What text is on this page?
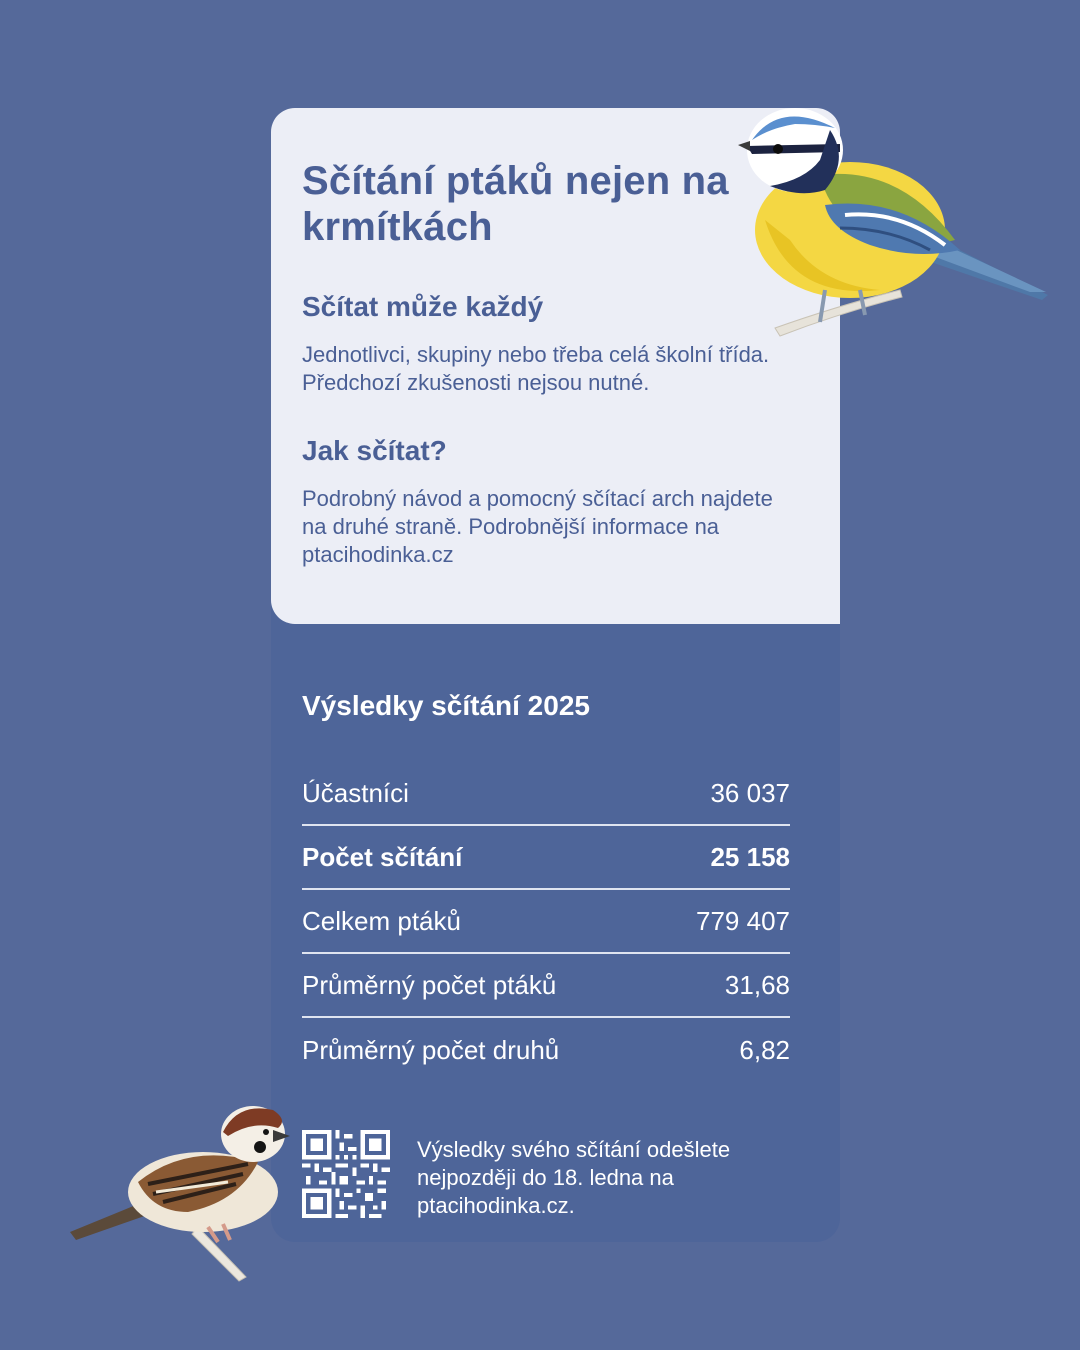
Sčítání ptáků nejen na krmítkách
Sčítat může každý

Jednotlivci, skupiny nebo třeba celá školní třída. Předchozí zkušenosti nejsou nutné.

Jak sčítat?

Podrobný návod a pomocný sčítací arch najdete na druhé straně. Podrobnější informace na ptacihodinka.cz

Výsledky sčítání 2025
Účastníci	36 037
Počet sčítání	25 158
Celkem ptáků	779 407
Průměrný počet ptáků	31,68
Průměrný počet druhů	6,82

Výsledky svého sčítání odešlete nejpozději do 18. ledna na ptacihodinka.cz.
